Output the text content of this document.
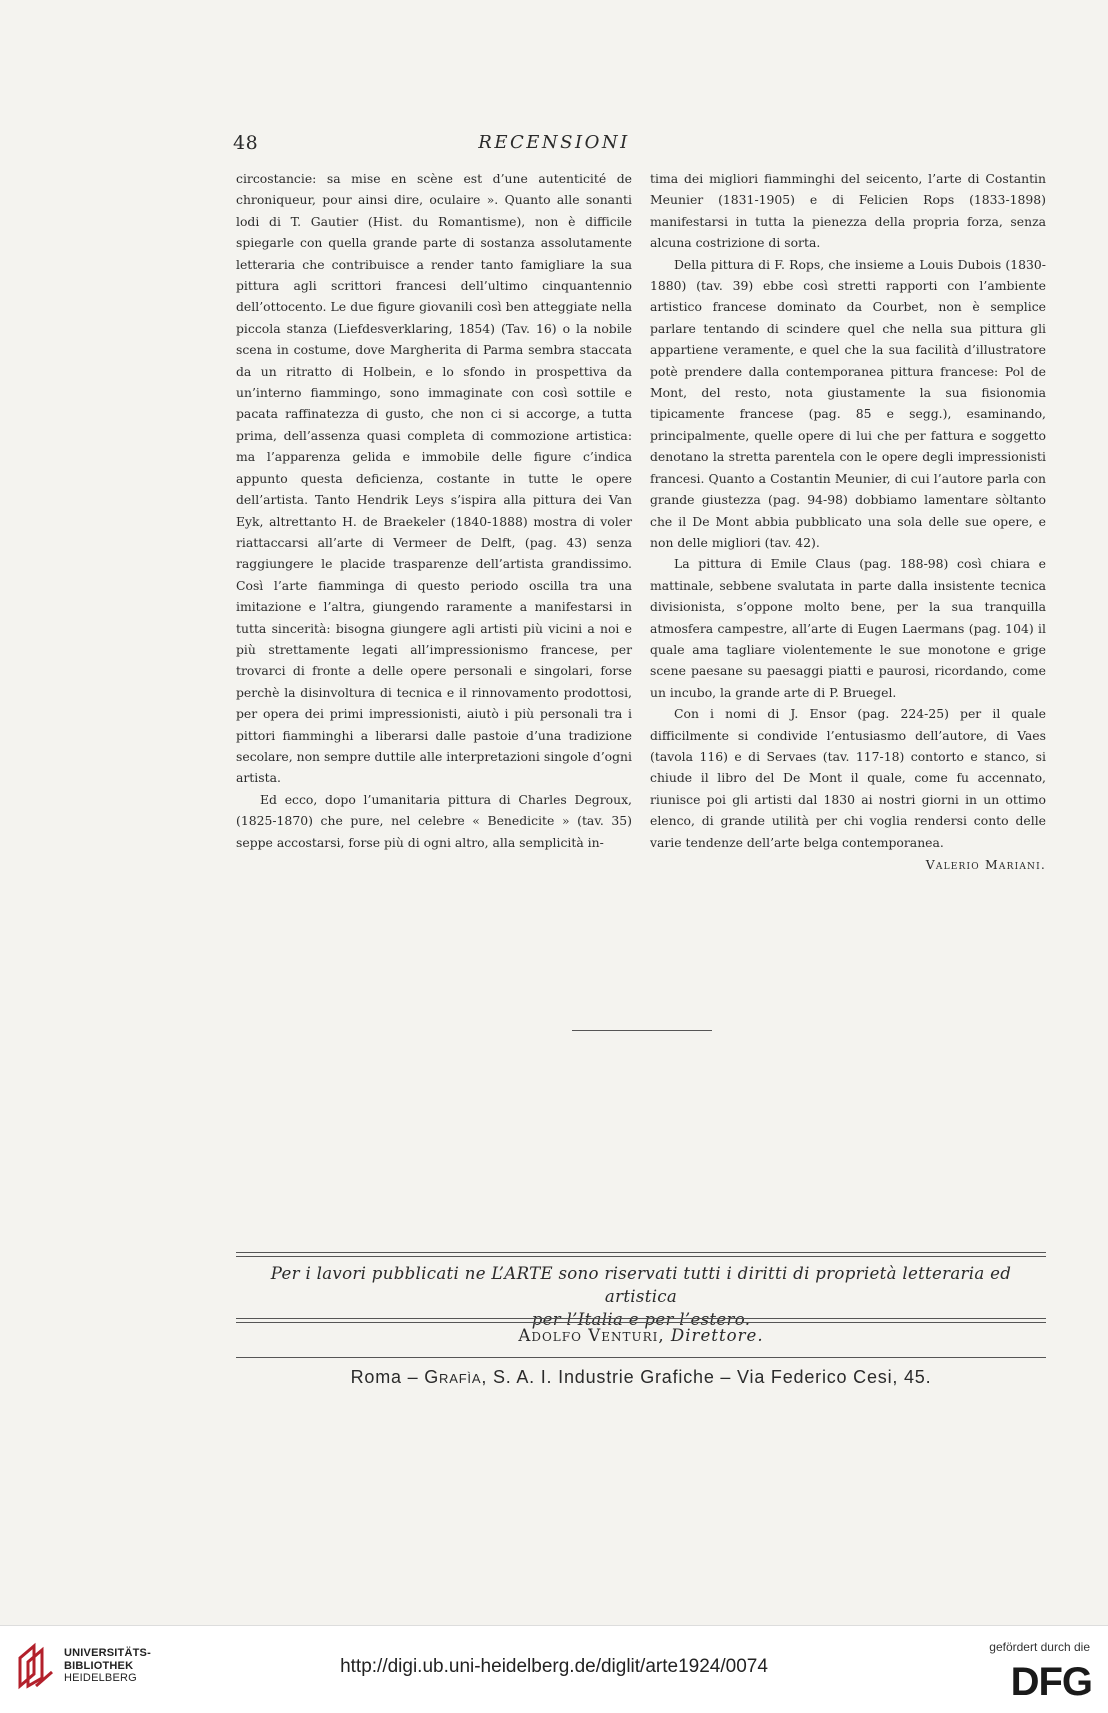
48	RECENSIONI

circostancie: sa mise en scène est d’une autenticité de chroniqueur, pour ainsi dire, oculaire ». Quanto alle sonanti lodi di T. Gautier (Hist. du Romantisme), non è difficile spiegarle con quella grande parte di sostanza assolutamente letteraria che contribuisce a render tanto famigliare la sua pittura agli scrittori francesi dell’ultimo cinquantennio dell’ottocento. Le due figure giovanili così ben atteggiate nella piccola stanza (Liefdesverklaring, 1854) (Tav. 16) o la nobile scena in costume, dove Margherita di Parma sembra staccata da un ritratto di Holbein, e lo sfondo in prospettiva da un’interno fiammingo, sono immaginate con così sottile e pacata raffinatezza di gusto, che non ci si accorge, a tutta prima, dell’assenza quasi completa di commozione artistica: ma l’apparenza gelida e immobile delle figure c’indica appunto questa deficienza, costante in tutte le opere dell’artista. Tanto Hendrik Leys s’ispira alla pittura dei Van Eyk, altrettanto H. de Braekeler (1840-1888) mostra di voler riattaccarsi all’arte di Vermeer de Delft, (pag. 43) senza raggiungere le placide trasparenze dell’artista grandissimo. Così l’arte fiamminga di questo periodo oscilla tra una imitazione e l’altra, giungendo raramente a manifestarsi in tutta sincerità: bisogna giungere agli artisti più vicini a noi e più strettamente legati all’impressionismo francese, per trovarci di fronte a delle opere personali e singolari, forse perchè la disinvoltura di tecnica e il rinnovamento prodottosi, per opera dei primi impressionisti, aiutò i più personali tra i pittori fiamminghi a liberarsi dalle pastoie d’una tradizione secolare, non sempre duttile alle interpretazioni singole d’ogni artista.

Ed ecco, dopo l’umanitaria pittura di Charles Degroux, (1825-1870) che pure, nel celebre « Benedicite » (tav. 35) seppe accostarsi, forse più di ogni altro, alla semplicità in-

tima dei migliori fiamminghi del seicento, l’arte di Costantin Meunier (1831-1905) e di Felicien Rops (1833-1898) manifestarsi in tutta la pienezza della propria forza, senza alcuna costrizione di sorta.

Della pittura di F. Rops, che insieme a Louis Dubois (1830-1880) (tav. 39) ebbe così stretti rapporti con l’ambiente artistico francese dominato da Courbet, non è semplice parlare tentando di scindere quel che nella sua pittura gli appartiene veramente, e quel che la sua facilità d’illustratore potè prendere dalla contemporanea pittura francese: Pol de Mont, del resto, nota giustamente la sua fisionomia tipicamente francese (pag. 85 e segg.), esaminando, principalmente, quelle opere di lui che per fattura e soggetto denotano la stretta parentela con le opere degli impressionisti francesi. Quanto a Costantin Meunier, di cui l’autore parla con grande giustezza (pag. 94-98) dobbiamo lamentare sòltanto che il De Mont abbia pubblicato una sola delle sue opere, e non delle migliori (tav. 42).

La pittura di Emile Claus (pag. 188-98) così chiara e mattinale, sebbene svalutata in parte dalla insistente tecnica divisionista, s’oppone molto bene, per la sua tranquilla atmosfera campestre, all’arte di Eugen Laermans (pag. 104) il quale ama tagliare violentemente le sue monotone e grige scene paesane su paesaggi piatti e paurosi, ricordando, come un incubo, la grande arte di P. Bruegel.

Con i nomi di J. Ensor (pag. 224-25) per il quale difficilmente si condivide l’entusiasmo dell’autore, di Vaes (tavola 116) e di Servaes (tav. 117-18) contorto e stanco, si chiude il libro del De Mont il quale, come fu accennato, riunisce poi gli artisti dal 1830 ai nostri giorni in un ottimo elenco, di grande utilità per chi voglia rendersi conto delle varie tendenze dell’arte belga contemporanea.

Valerio Mariani.

Per i lavori pubblicati ne L’ARTE sono riservati tutti i diritti di proprietà letteraria ed artistica
per l’Italia e per l’estero.
Adolfo Venturi, Direttore.
Roma – Grafìa, S. A. I. Industrie Grafiche – Via Federico Cesi, 45.
UNIVERSITÄTS-
BIBLIOTHEK
HEIDELBERG
http://digi.ub.uni-heidelberg.de/diglit/arte1924/0074
gefördert durch die
DFG
